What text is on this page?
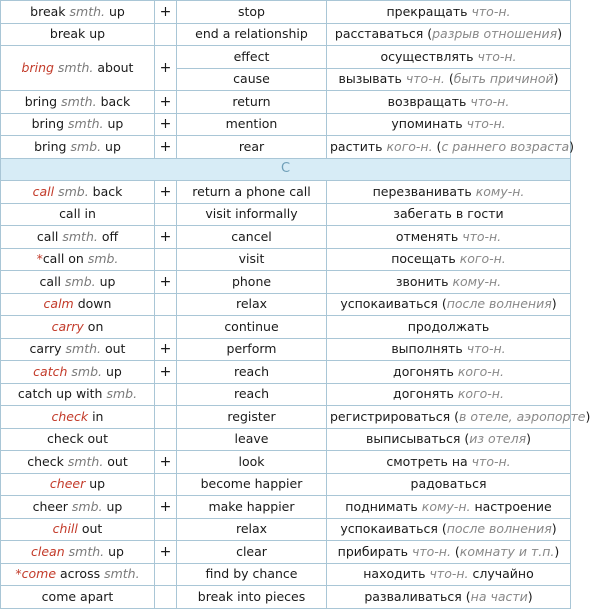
break smth. up	+	stop	прекращать что-н.
break up		end a relationship	расставаться (разрыв отношения)
bring smth. about	+	effect	осуществлять что-н.
		cause	вызывать что-н. (быть причиной)
bring smth. back	+	return	возвращать что-н.
bring smth. up	+	mention	упоминать что-н.
bring smb. up	+	rear	растить кого-н. (с раннего возраста)
C			
call smb. back	+	return a phone call	перезванивать кому-н.
call in		visit informally	забегать в гости
call smth. off	+	cancel	отменять что-н.
*call on smb.		visit	посещать кого-н.
call smb. up	+	phone	звонить кому-н.
calm down		relax	успокаиваться (после волнения)
carry on		continue	продолжать
carry smth. out	+	perform	выполнять что-н.
catch smb. up	+	reach	догонять кого-н.
catch up with smb.		reach	догонять кого-н.
check in		register	регистрироваться (в отеле, аэропорте)
check out		leave	выписываться (из отеля)
check smth. out	+	look	смотреть на что-н.
cheer up		become happier	радоваться
cheer smb. up	+	make happier	поднимать кому-н. настроение
chill out		relax	успокаиваться (после волнения)
clean smth. up	+	clear	прибирать что-н. (комнату и т.п.)
*come across smth.		find by chance	находить что-н. случайно
come apart		break into pieces	разваливаться (на части)
